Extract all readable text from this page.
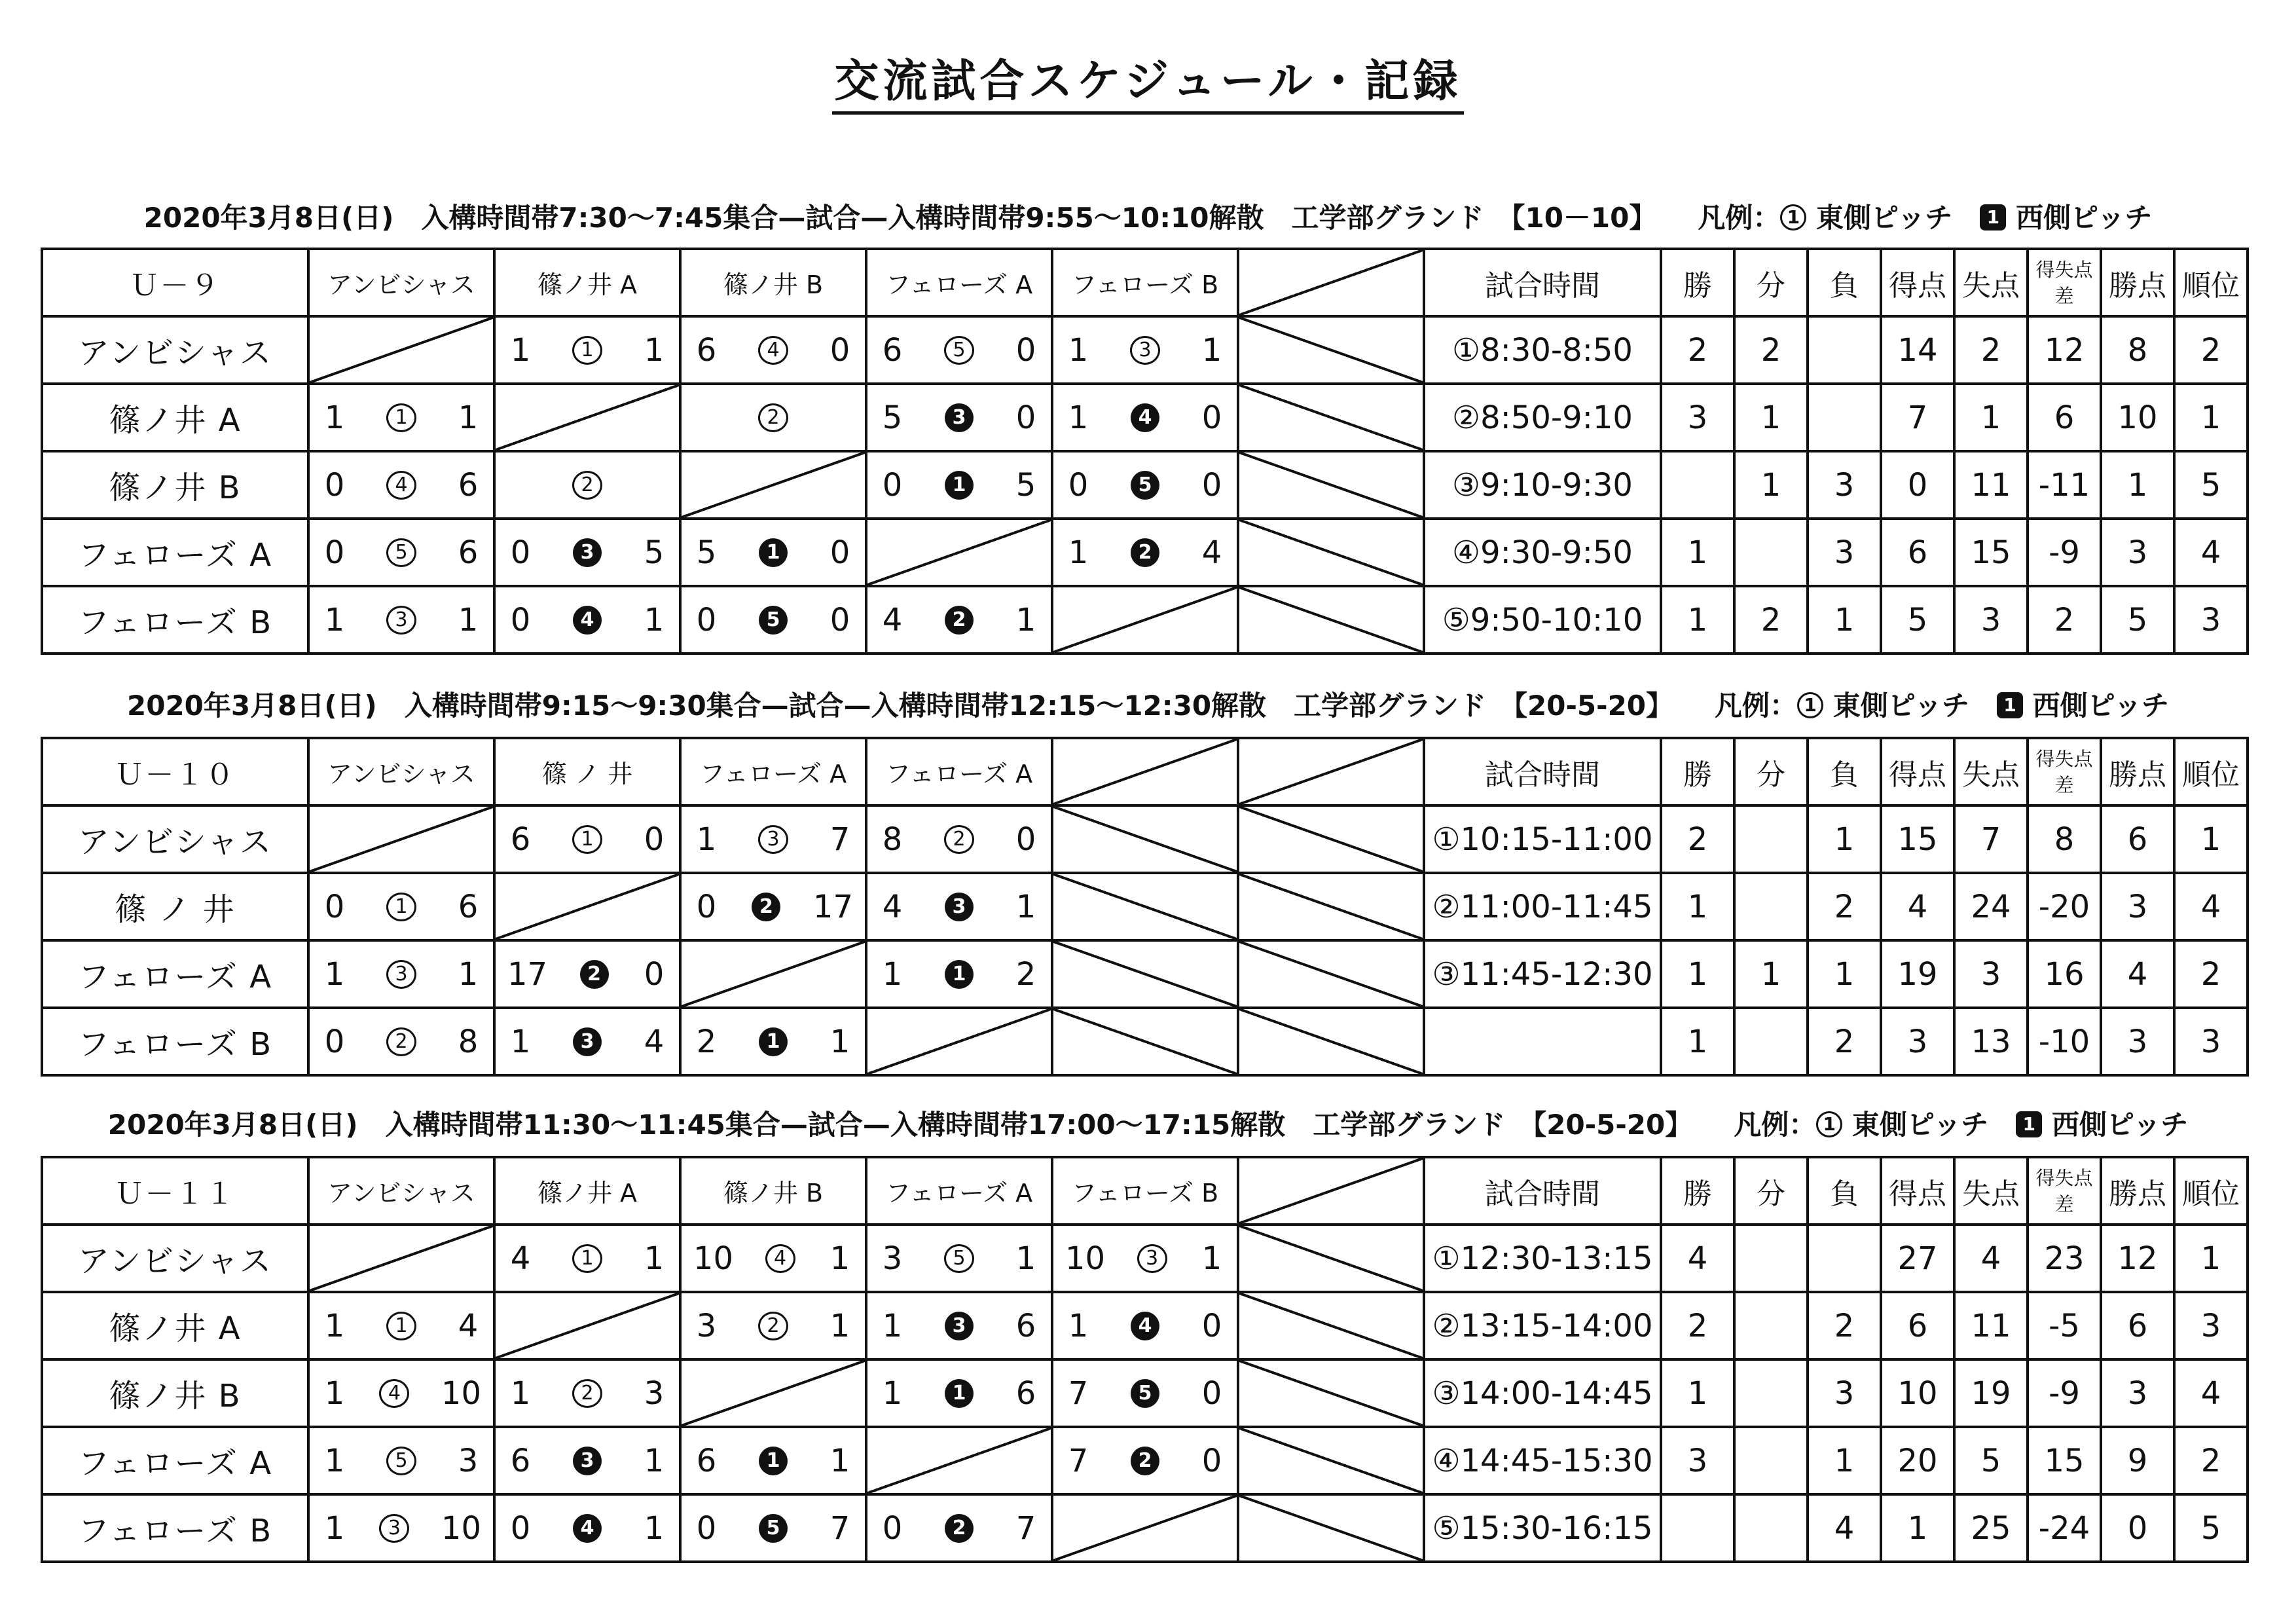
交流試合スケジュール・記録
2020年3月8日(日)　入構時間帯7:30〜7:45集合—試合—入構時間帯9:55〜10:10解散　工学部グランド　【10－10】　　 凡例： 1 東側ピッチ　 1 西側ピッチ
Ｕ－９	アンビシャス	篠ノ井 A	篠ノ井 B	フェローズ A	フェローズ B		試合時間	勝	分	負	得点	失点	得失点差	勝点	順位
アンビシャス		1 1 1	6 4 0	6 5 0	1 3 1		①8:30-8:50	2	2		14	2	12	8	2
篠ノ井 A	1 1 1		2	5 3 0	1 4 0		②8:50-9:10	3	1		7	1	6	10	1
篠ノ井 B	0 4 6	2		0 1 5	0 5 0		③9:10-9:30		1	3	0	11	-11	1	5
フェローズ A	0 5 6	0 3 5	5 1 0		1 2 4		④9:30-9:50	1		3	6	15	-9	3	4
フェローズ B	1 3 1	0 4 1	0 5 0	4 2 1			⑤9:50-10:10	1	2	1	5	3	2	5	3
2020年3月8日(日)　入構時間帯9:15〜9:30集合—試合—入構時間帯12:15〜12:30解散　工学部グランド　【20-5-20】　　 凡例： 1 東側ピッチ　 1 西側ピッチ
Ｕ－１０	アンビシャス	篠 ノ 井	フェローズ A	フェローズ A			試合時間	勝	分	負	得点	失点	得失点差	勝点	順位
アンビシャス		6 1 0	1 3 7	8 2 0			①10:15-11:00	2		1	15	7	8	6	1
篠 ノ 井	0 1 6		0 2 17	4 3 1			②11:00-11:45	1		2	4	24	-20	3	4
フェローズ A	1 3 1	17 2 0		1 1 2			③11:45-12:30	1	1	1	19	3	16	4	2
フェローズ B	0 2 8	1 3 4	2 1 1					1		2	3	13	-10	3	3
2020年3月8日(日)　入構時間帯11:30〜11:45集合—試合—入構時間帯17:00〜17:15解散　工学部グランド　【20-5-20】　　 凡例： 1 東側ピッチ　 1 西側ピッチ
Ｕ－１１	アンビシャス	篠ノ井 A	篠ノ井 B	フェローズ A	フェローズ B		試合時間	勝	分	負	得点	失点	得失点差	勝点	順位
アンビシャス		4 1 1	10 4 1	3 5 1	10 3 1		①12:30-13:15	4			27	4	23	12	1
篠ノ井 A	1 1 4		3 2 1	1 3 6	1 4 0		②13:15-14:00	2		2	6	11	-5	6	3
篠ノ井 B	1 4 10	1 2 3		1 1 6	7 5 0		③14:00-14:45	1		3	10	19	-9	3	4
フェローズ A	1 5 3	6 3 1	6 1 1		7 2 0		④14:45-15:30	3		1	20	5	15	9	2
フェローズ B	1 3 10	0 4 1	0 5 7	0 2 7			⑤15:30-16:15			4	1	25	-24	0	5
